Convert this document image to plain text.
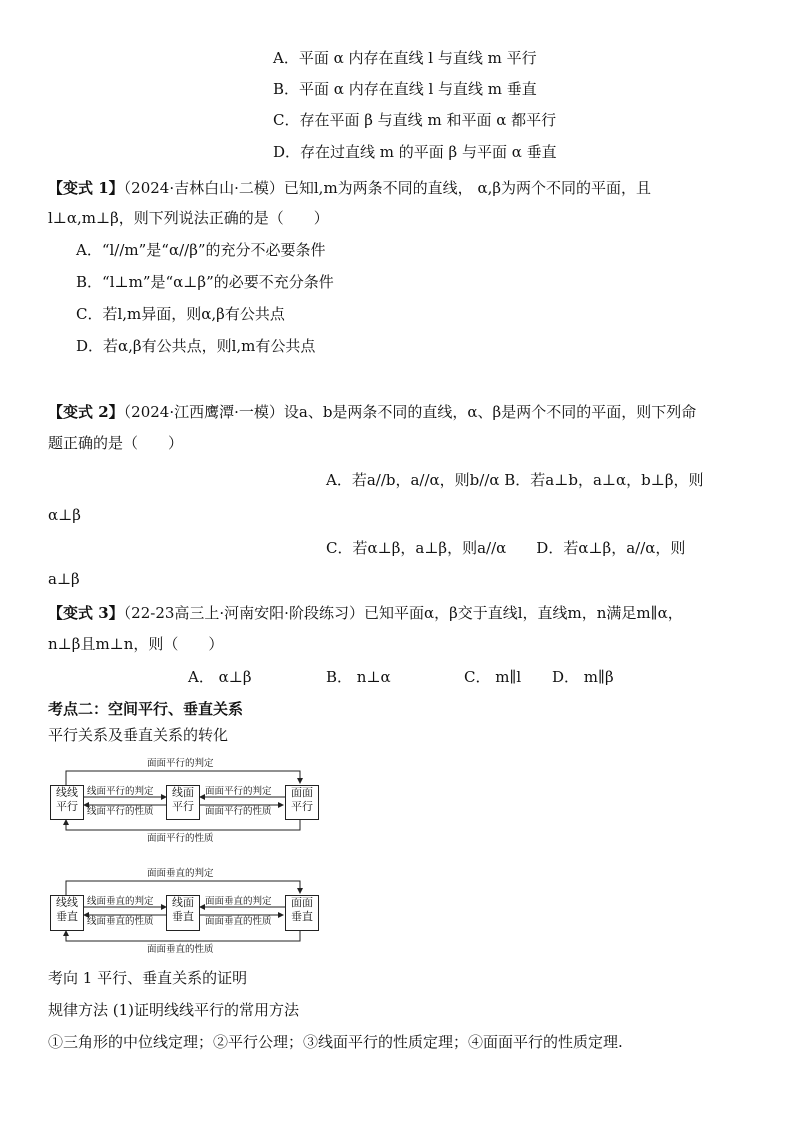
A．平面 α 内存在直线 l 与直线 m 平行
B．平面 α 内存在直线 l 与直线 m 垂直
C．存在平面 β 与直线 m 和平面 α 都平行
D．存在过直线 m 的平面 β 与平面 α 垂直
【变式 1】（2024·吉林白山·二模）已知l,m为两条不同的直线， α,β为两个不同的平面，且
l⊥α,m⊥β，则下列说法正确的是（　　）
A．“l//m”是“α//β”的充分不必要条件
B．“l⊥m”是“α⊥β”的必要不充分条件
C．若l,m异面，则α,β有公共点
D．若α,β有公共点，则l,m有公共点
【变式 2】（2024·江西鹰潭·一模）设a、b是两条不同的直线，α、β是两个不同的平面，则下列命
题正确的是（　　）
A．若a//b，a//α，则b//α B．若a⊥b，a⊥α，b⊥β，则
α⊥β
C．若α⊥β，a⊥β，则a//α　　D．若α⊥β，a//α，则
a⊥β
【变式 3】（22-23高三上·河南安阳·阶段练习）已知平面α，β交于直线l，直线m，n满足m∥α，
n⊥β且m⊥n，则（　　）
A． α⊥β	B． n⊥α	C． m∥l D． m∥β
考点二：空间平行、垂直关系
平行关系及垂直关系的转化
面面平行的判定
面面平行的性质
线线
平行
线面
平行
面面
平行
线面平行的判定
线面平行的性质
面面平行的判定
面面平行的性质
面面垂直的判定
面面垂直的性质
线线
垂直
线面
垂直
面面
垂直
线面垂直的判定
线面垂直的性质
面面垂直的判定
面面垂直的性质
考向 1 平行、垂直关系的证明
规律方法 (1)证明线线平行的常用方法
①三角形的中位线定理；②平行公理；③线面平行的性质定理；④面面平行的性质定理.
